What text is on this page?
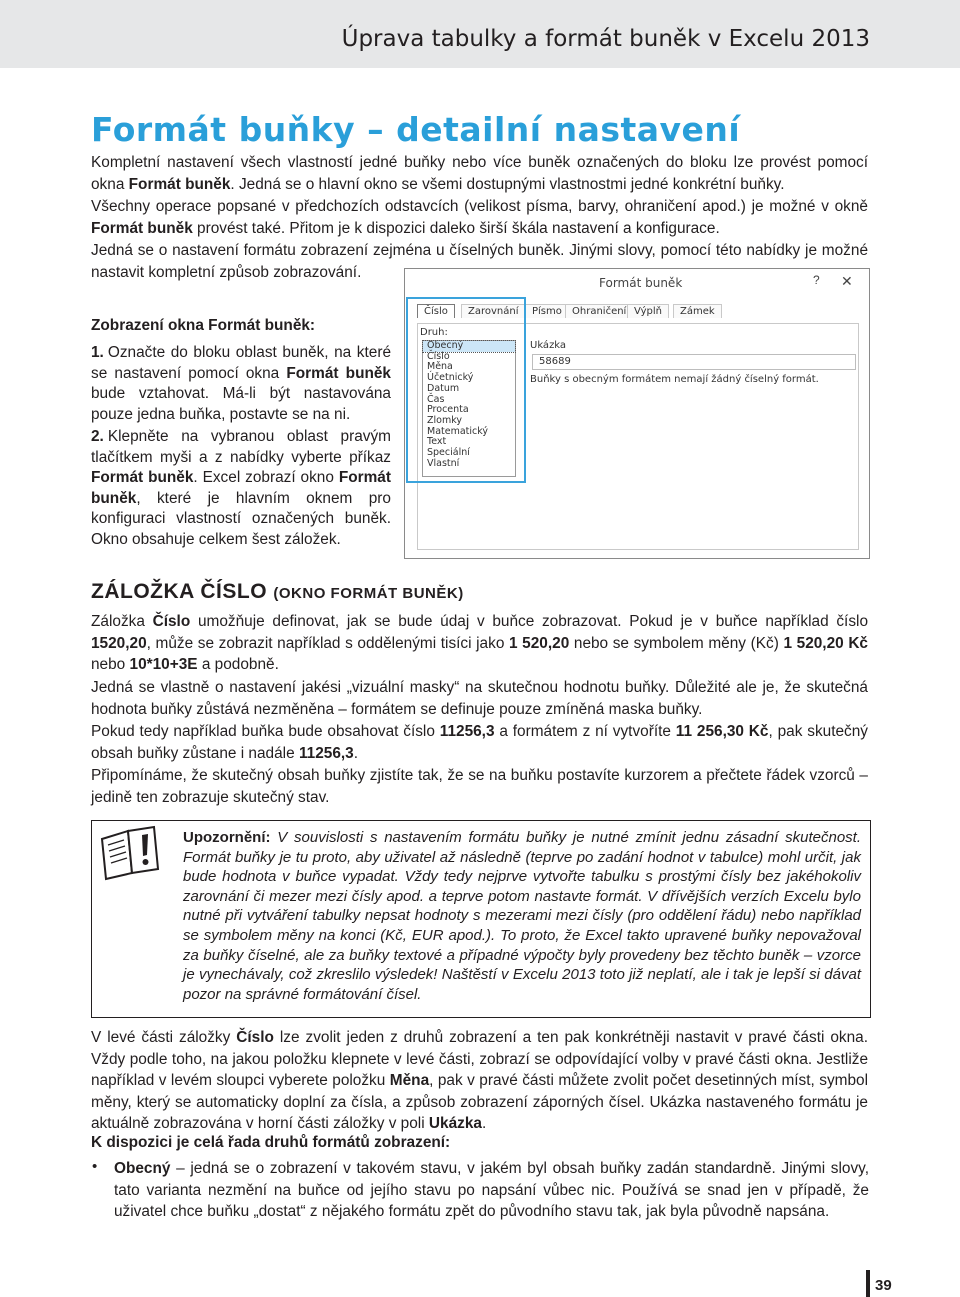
Úprava tabulky a formát buněk v Excelu 2013
Formát buňky – detailní nastavení

Kompletní nastavení všech vlastností jedné buňky nebo více buněk označených do bloku lze provést pomocí okna Formát buněk. Jedná se o hlavní okno se všemi dostupnými vlastnostmi jedné konkrétní buňky.

Všechny operace popsané v předchozích odstavcích (velikost písma, barvy, ohraničení apod.) je možné v okně Formát buněk provést také. Přitom je k dispozici daleko širší škála nastavení a konfigurace.

Jedná se o nastavení formátu zobrazení zejména u číselných buněk. Jinými slovy, pomocí této nabídky je možné nastavit kompletní způsob zobrazování.

Zobrazení okna Formát buněk:

1. Označte do bloku oblast buněk, na které se nastavení pomocí okna Formát buněk bude vztahovat. Má-li být nastavována pouze jedna buňka, postavte se na ni.

2. Klepněte na vybranou oblast pravým tlačítkem myši a z nabídky vyberte příkaz Formát buněk. Excel zobrazí okno Formát buněk, které je hlavním oknem pro konfiguraci vlastností označených buněk. Okno obsahuje celkem šest záložek.

Formát buněk	? ✕
Číslo	Zarovnání	Písmo	Ohraničení Výplň	Zámek
Druh:
Obecný
Číslo
Měna
Účetnický
Datum
Čas
Procenta
Zlomky
Matematický
Text
Speciální
Vlastní
Ukázka
58689
Buňky s obecným formátem nemají žádný číselný formát.
ZÁLOŽKA ČÍSLO (OKNO FORMÁT BUNĚK)

Záložka Číslo umožňuje definovat, jak se bude údaj v buňce zobrazovat. Pokud je v buňce například číslo 1520,20, může se zobrazit například s oddělenými tisíci jako 1 520,20 nebo se symbolem měny (Kč) 1 520,20 Kč nebo 10*10+3E a podobně.

Jedná se vlastně o nastavení jakési „vizuální masky“ na skutečnou hodnotu buňky. Důležité ale je, že skutečná hodnota buňky zůstává nezměněna – formátem se definuje pouze zmíněná maska buňky.

Pokud tedy například buňka bude obsahovat číslo 11256,3 a formátem z ní vytvoříte 11 256,30 Kč, pak skutečný obsah buňky zůstane i nadále 11256,3.

Připomínáme, že skutečný obsah buňky zjistíte tak, že se na buňku postavíte kurzorem a přečtete řádek vzorců – jedině ten zobrazuje skutečný stav.

Upozornění: V souvislosti s nastavením formátu buňky je nutné zmínit jednu zásadní skutečnost. Formát buňky je tu proto, aby uživatel až následně (teprve po zadání hodnot v tabulce) mohl určit, jak bude hodnota v buňce vypadat. Vždy tedy nejprve vytvořte tabulku s prostými čísly bez jakéhokoliv zarovnání či mezer mezi čísly apod. a teprve potom nastavte formát. V dřívějších verzích Excelu bylo nutné při vytváření tabulky nepsat hodnoty s mezerami mezi čísly (pro oddělení řádu) nebo například se symbolem měny na konci (Kč, EUR apod.). To proto, že Excel takto upravené buňky nepovažoval za buňky číselné, ale za buňky textové a případné výpočty byly provedeny bez těchto buněk – vzorce je vynechávaly, což zkreslilo výsledek! Naštěstí v Excelu 2013 toto již neplatí, ale i tak je lepší si dávat pozor na správné formátování čísel.

V levé části záložky Číslo lze zvolit jeden z druhů zobrazení a ten pak konkrétněji nastavit v pravé části okna. Vždy podle toho, na jakou položku klepnete v levé části, zobrazí se odpovídající volby v pravé části okna. Jestliže například v levém sloupci vyberete položku Měna, pak v pravé části můžete zvolit počet desetinných míst, symbol měny, který se automaticky doplní za čísla, a způsob zobrazení záporných čísel. Ukázka nastaveného formátu je aktuálně zobrazována v horní části záložky v poli Ukázka.

K dispozici je celá řada druhů formátů zobrazení:
• Obecný – jedná se o zobrazení v takovém stavu, v jakém byl obsah buňky zadán standardně. Jinými slovy, tato varianta nezmění na buňce od jejího stavu po napsání vůbec nic. Používá se snad jen v případě, že uživatel chce buňku „dostat“ z nějakého formátu zpět do původního stavu tak, jak byla původně napsána.

39
